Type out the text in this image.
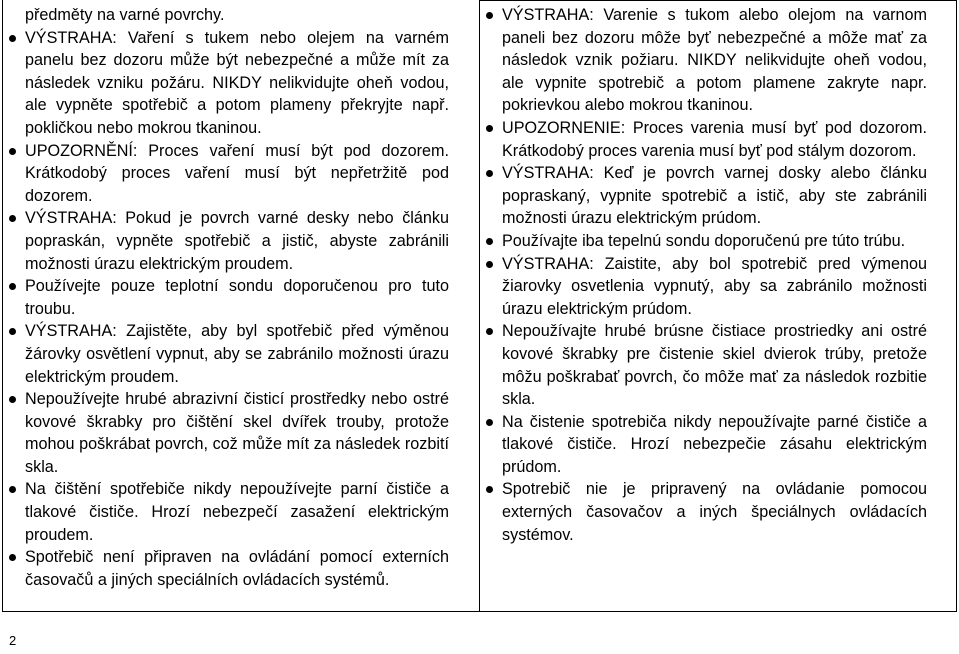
předměty na varné povrchy.

VÝSTRAHA: Vaření s tukem nebo olejem na varném panelu bez dozoru může být nebezpečné a může mít za následek vzniku požáru. NIKDY nelikvidujte oheň vodou, ale vypněte spotřebič a potom plameny překryjte např. pokličkou nebo mokrou tkaninou.
UPOZORNĚNÍ: Proces vaření musí být pod dozorem. Krátkodobý proces vaření musí být nepřetržitě pod dozorem.
VÝSTRAHA: Pokud je povrch varné desky nebo článku popraskán, vypněte spotřebič a jistič, abyste zabránili možnosti úrazu elektrickým proudem.
Používejte pouze teplotní sondu doporučenou pro tuto troubu.
VÝSTRAHA: Zajistěte, aby byl spotřebič před výměnou žárovky osvětlení vypnut, aby se zabránilo možnosti úrazu elektrickým proudem.
Nepoužívejte hrubé abrazivní čisticí prostředky nebo ostré kovové škrabky pro čištění skel dvířek trouby, protože mohou poškrábat povrch, což může mít za následek rozbití skla.
Na čištění spotřebiče nikdy nepoužívejte parní čističe a tlakové čističe. Hrozí nebezpečí zasažení elektrickým proudem.
Spotřebič není připraven na ovládání pomocí externích časovačů a jiných speciálních ovládacích systémů.
VÝSTRAHA: Varenie s tukom alebo olejom na varnom paneli bez dozoru môže byť nebezpečné a môže mať za následok vznik požiaru. NIKDY nelikvidujte oheň vodou, ale vypnite spotrebič a potom plamene zakryte napr. pokrievkou alebo mokrou tkaninou.
UPOZORNENIE: Proces varenia musí byť pod dozorom. Krátkodobý proces varenia musí byť pod stálym dozorom.
VÝSTRAHA: Keď je povrch varnej dosky alebo článku popraskaný, vypnite spotrebič a istič, aby ste zabránili možnosti úrazu elektrickým prúdom.
Používajte iba tepelnú sondu doporučenú pre túto trúbu.
VÝSTRAHA: Zaistite, aby bol spotrebič pred výmenou žiarovky osvetlenia vypnutý, aby sa zabránilo možnosti úrazu elektrickým prúdom.
Nepoužívajte hrubé brúsne čistiace prostriedky ani ostré kovové škrabky pre čistenie skiel dvierok trúby, pretože môžu poškrabať povrch, čo môže mať za následok rozbitie skla.
Na čistenie spotrebiča nikdy nepoužívajte parné čističe a tlakové čističe. Hrozí nebezpečie zásahu elektrickým prúdom.
Spotrebič nie je pripravený na ovládanie pomocou externých časovačov a iných špeciálnych ovládacích systémov.
2
